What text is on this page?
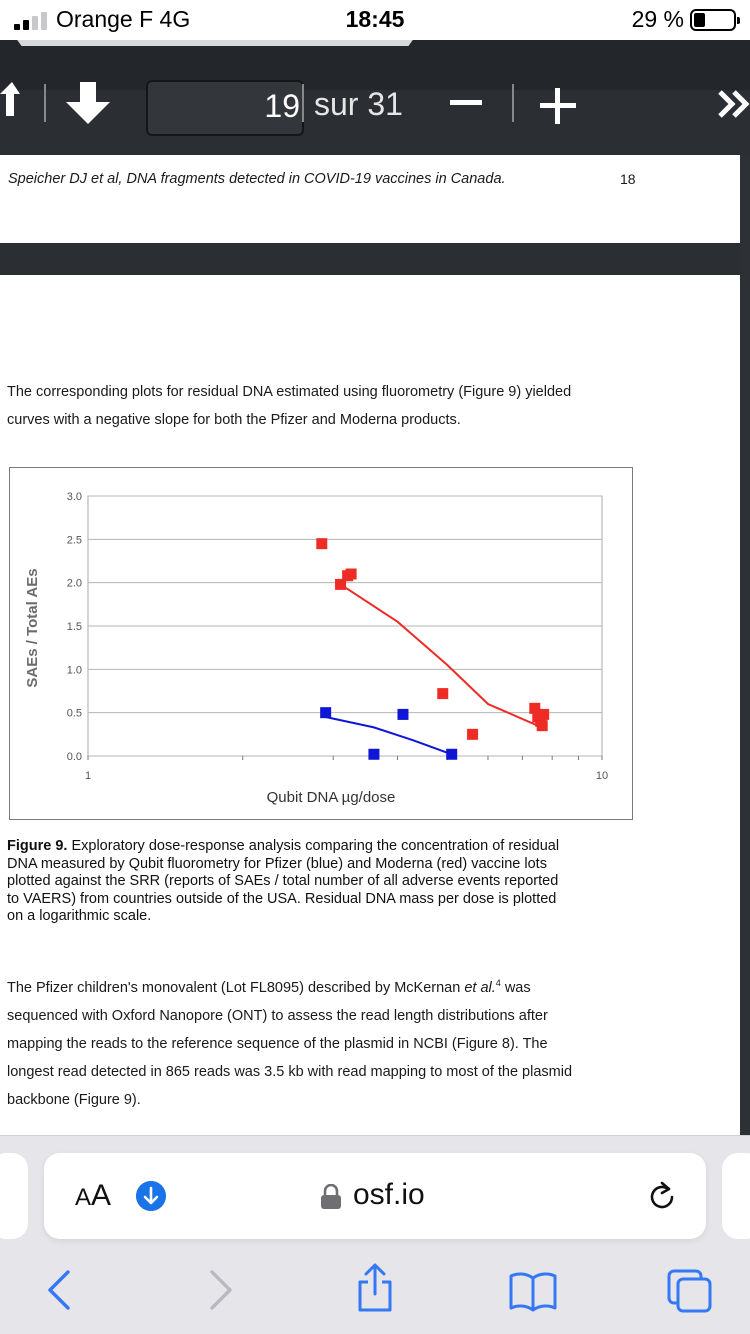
Orange F 4G	18:45	29 %
19 sur 31
Speicher DJ et al, DNA fragments detected in COVID-19 vaccines in Canada.	18
The corresponding plots for residual DNA estimated using fluorometry (Figure 9) yielded
curves with a negative slope for both the Pfizer and Moderna products.
0.0
0.5
1.0
1.5
2.0
2.5
3.0
1	10
Qubit DNA µg/dose
SAEs / Total AEs
Figure 9. Exploratory dose-response analysis comparing the concentration of residual
DNA measured by Qubit fluorometry for Pfizer (blue) and Moderna (red) vaccine lots
plotted against the SRR (reports of SAEs / total number of all adverse events reported
to VAERS) from countries outside of the USA. Residual DNA mass per dose is plotted
on a logarithmic scale.
The Pfizer children's monovalent (Lot FL8095) described by McKernan et al.$^4$ was
sequenced with Oxford Nanopore (ONT) to assess the read length distributions after
mapping the reads to the reference sequence of the plasmid in NCBI (Figure 8). The
longest read detected in 865 reads was 3.5 kb with read mapping to most of the plasmid
backbone (Figure 9).
AA	osf.io
